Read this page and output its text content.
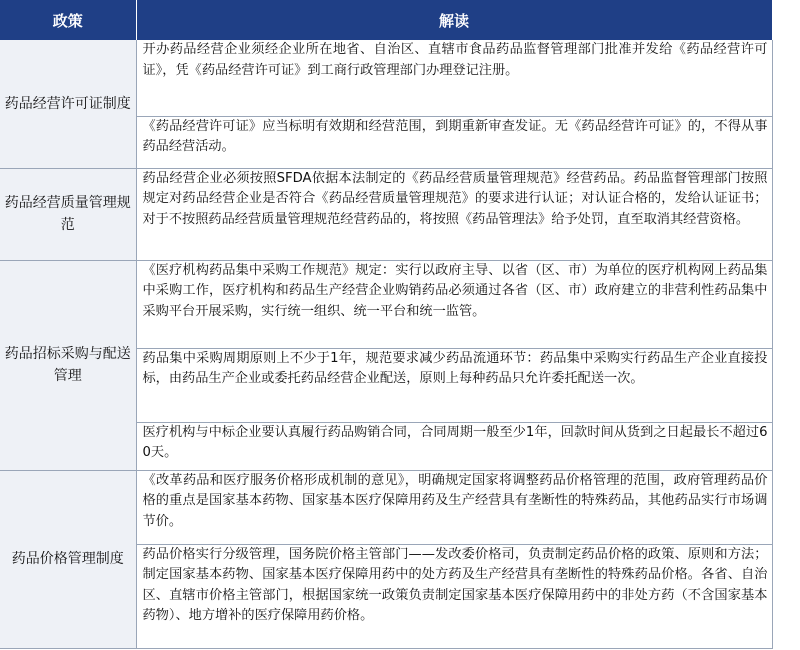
政策	解读
药品经营许可证制度	开办药品经营企业须经企业所在地省、自治区、直辖市食品药品监督管理部门批准并发给《药品经营许可证》，凭《药品经营许可证》到工商行政管理部门办理登记注册。
	《药品经营许可证》应当标明有效期和经营范围，到期重新审查发证。无《药品经营许可证》的，不得从事药品经营活动。
药品经营质量管理规范	药品经营企业必须按照SFDA依据本法制定的《药品经营质量管理规范》经营药品。药品监督管理部门按照规定对药品经营企业是否符合《药品经营质量管理规范》的要求进行认证；对认证合格的，发给认证证书；对于不按照药品经营质量管理规范经营药品的，将按照《药品管理法》给予处罚，直至取消其经营资格。
药品招标采购与配送管理	《医疗机构药品集中采购工作规范》规定：实行以政府主导、以省（区、市）为单位的医疗机构网上药品集中采购工作，医疗机构和药品生产经营企业购销药品必须通过各省（区、市）政府建立的非营利性药品集中采购平台开展采购，实行统一组织、统一平台和统一监管。
	药品集中采购周期原则上不少于1年，规范要求减少药品流通环节：药品集中采购实行药品生产企业直接投标，由药品生产企业或委托药品经营企业配送，原则上每种药品只允许委托配送一次。
	医疗机构与中标企业要认真履行药品购销合同，合同周期一般至少1年，回款时间从货到之日起最长不超过60天。
药品价格管理制度	《改革药品和医疗服务价格形成机制的意见》，明确规定国家将调整药品价格管理的范围，政府管理药品价格的重点是国家基本药物、国家基本医疗保障用药及生产经营具有垄断性的特殊药品，其他药品实行市场调节价。
	药品价格实行分级管理，国务院价格主管部门——发改委价格司，负责制定药品价格的政策、原则和方法；制定国家基本药物、国家基本医疗保障用药中的处方药及生产经营具有垄断性的特殊药品价格。各省、自治区、直辖市价格主管部门，根据国家统一政策负责制定国家基本医疗保障用药中的非处方药（不含国家基本药物）、地方增补的医疗保障用药价格。
